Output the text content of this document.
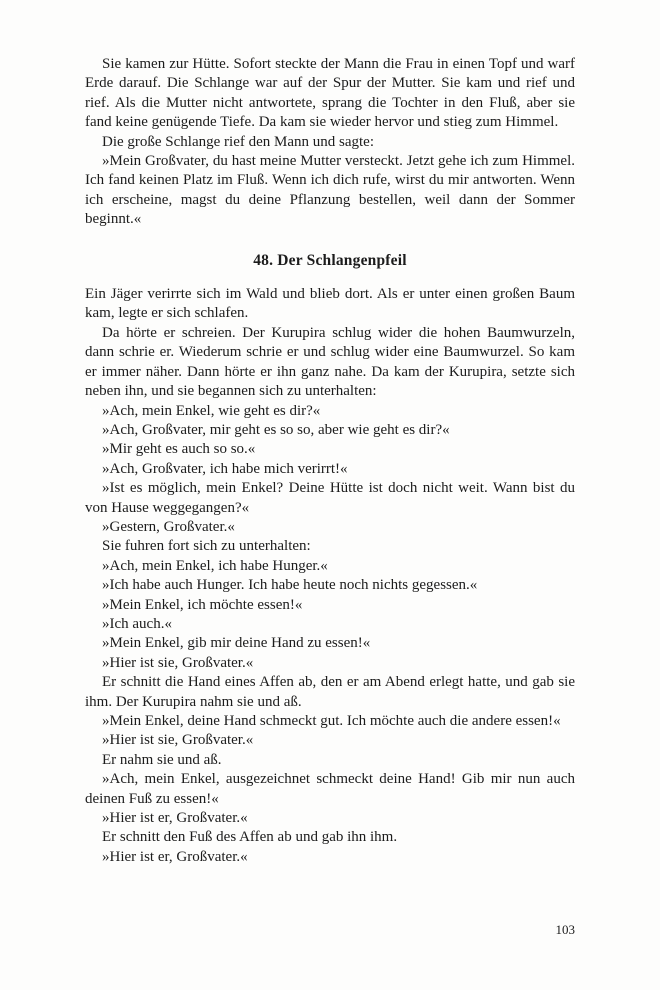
Sie kamen zur Hütte. Sofort steckte der Mann die Frau in einen Topf und warf Erde darauf. Die Schlange war auf der Spur der Mutter. Sie kam und rief und rief. Als die Mutter nicht antwortete, sprang die Tochter in den Fluß, aber sie fand keine genügende Tiefe. Da kam sie wieder hervor und stieg zum Himmel.

Die große Schlange rief den Mann und sagte:

»Mein Großvater, du hast meine Mutter versteckt. Jetzt gehe ich zum Himmel. Ich fand keinen Platz im Fluß. Wenn ich dich rufe, wirst du mir antworten. Wenn ich erscheine, magst du deine Pflanzung bestellen, weil dann der Sommer beginnt.«

48. Der Schlangenpfeil

Ein Jäger verirrte sich im Wald und blieb dort. Als er unter einen großen Baum kam, legte er sich schlafen.

Da hörte er schreien. Der Kurupira schlug wider die hohen Baumwurzeln, dann schrie er. Wiederum schrie er und schlug wider eine Baumwurzel. So kam er immer näher. Dann hörte er ihn ganz nahe. Da kam der Kurupira, setzte sich neben ihn, und sie begannen sich zu unterhalten:

»Ach, mein Enkel, wie geht es dir?«

»Ach, Großvater, mir geht es so so, aber wie geht es dir?«

»Mir geht es auch so so.«

»Ach, Großvater, ich habe mich verirrt!«

»Ist es möglich, mein Enkel? Deine Hütte ist doch nicht weit. Wann bist du von Hause weggegangen?«

»Gestern, Großvater.«

Sie fuhren fort sich zu unterhalten:

»Ach, mein Enkel, ich habe Hunger.«

»Ich habe auch Hunger. Ich habe heute noch nichts gegessen.«

»Mein Enkel, ich möchte essen!«

»Ich auch.«

»Mein Enkel, gib mir deine Hand zu essen!«

»Hier ist sie, Großvater.«

Er schnitt die Hand eines Affen ab, den er am Abend erlegt hatte, und gab sie ihm. Der Kurupira nahm sie und aß.

»Mein Enkel, deine Hand schmeckt gut. Ich möchte auch die andere essen!«

»Hier ist sie, Großvater.«

Er nahm sie und aß.

»Ach, mein Enkel, ausgezeichnet schmeckt deine Hand! Gib mir nun auch deinen Fuß zu essen!«

»Hier ist er, Großvater.«

Er schnitt den Fuß des Affen ab und gab ihn ihm.

»Hier ist er, Großvater.«

103
